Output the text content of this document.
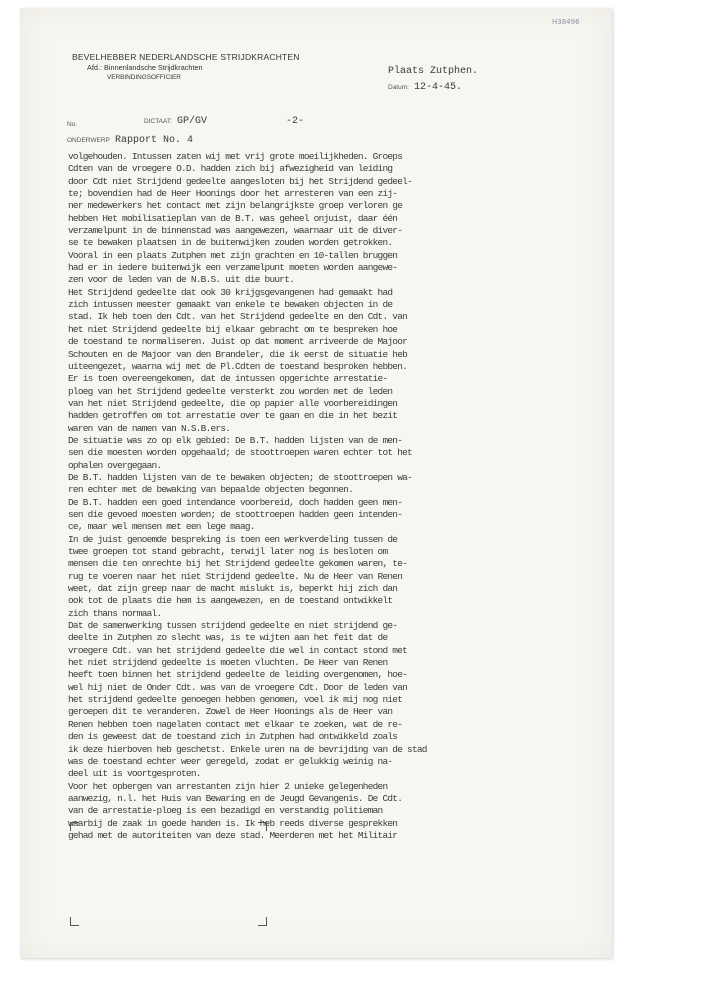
H38496
BEVELHEBBER NEDERLANDSCHE STRIJDKRACHTEN
Afd.: Binnenlandsche Strijdkrachten
VERBINDINGSOFFICIER
Plaats Zutphen.
Datum: 12-4-45.
No.	DICTAAT: GP/GV	-2-
ONDERWERP Rapport No. 4
volgehouden. Intussen zaten wij met vrij grote moeilijkheden. Groeps
Cdten van de vroegere O.D. hadden zich bij afwezigheid van leiding
door Cdt niet Strijdend gedeelte aangesloten bij het Strijdend gedeel-
te; bovendien had de Heer Hoonings door het arresteren van een zij-
ner medewerkers het contact met zijn belangrijkste groep verloren ge
hebben Het mobilisatieplan van de B.T. was geheel onjuist, daar één
verzamelpunt in de binnenstad was aangewezen, waarnaar uit de diver-
se te bewaken plaatsen in de buitenwijken zouden worden getrokken.
Vooral in een plaats Zutphen met zijn grachten en 10-tallen bruggen
had er in iedere buitenwijk een verzamelpunt moeten worden aangewe-
zen voor de leden van de N.B.S. uit die buurt.
Het Strijdend gedeelte dat ook 30 krijgsgevangenen had gemaakt had
zich intussen meester gemaakt van enkele te bewaken objecten in de
stad. Ik heb toen den Cdt. van het Strijdend gedeelte en den Cdt. van
het niet Strijdend gedeelte bij elkaar gebracht om te bespreken hoe
de toestand te normaliseren. Juist op dat moment arriveerde de Majoor
Schouten en de Majoor van den Brandeler, die ik eerst de situatie heb
uiteengezet, waarna wij met de Pl.Cdten de toestand besproken hebben.
Er is toen overeengekomen, dat de intussen opgerichte arrestatie-
ploeg van het Strijdend gedeelte versterkt zou worden met de leden
van het niet Strijdend gedeelte, die op papier alle voorbereidingen
hadden getroffen om tot arrestatie over te gaan en die in het bezit
waren van de namen van N.S.B.ers.
De situatie was zo op elk gebied: De B.T. hadden lijsten van de men-
sen die moesten worden opgehaald; de stoottroepen waren echter tot het
ophalen overgegaan.
De B.T. hadden lijsten van de te bewaken objecten; de stoottroepen wa-
ren echter met de bewaking van bepaalde objecten begonnen.
De B.T. hadden een goed intendance voorbereid, doch hadden geen men-
sen die gevoed moesten worden; de stoottroepen hadden geen intenden-
ce, maar wel mensen met een lege maag.
In de juist genoemde bespreking is toen een werkverdeling tussen de
twee groepen tot stand gebracht, terwijl later nog is besloten om
mensen die ten onrechte bij het Strijdend gedeelte gekomen waren, te-
rug te voeren naar het niet Strijdend gedeelte. Nu de Heer van Renen
weet, dat zijn greep naar de macht mislukt is, beperkt hij zich dan
ook tot de plaats die hem is aangewezen, en de toestand ontwikkelt
zich thans normaal.
Dat de samenwerking tussen strijdend gedeelte en niet strijdend ge-
deelte in Zutphen zo slecht was, is te wijten aan het feit dat de
vroegere Cdt. van het strijdend gedeelte die wel in contact stond met
het niet strijdend gedeelte is moeten vluchten. De Heer van Renen
heeft toen binnen het strijdend gedeelte de leiding overgenomen, hoe-
wel hij niet de Onder Cdt. was van de vroegere Cdt. Door de leden van
het strijdend gedeelte genoegen hebben genomen, voel ik mij nog niet
geroepen dit te veranderen. Zowel de Heer Hoonings als de Heer van
Renen hebben toen nagelaten contact met elkaar te zoeken, wat de re-
den is geweest dat de toestand zich in Zutphen had ontwikkeld zoals
ik deze hierboven heb geschetst. Enkele uren na de bevrijding van de stad
was de toestand echter weer geregeld, zodat er gelukkig weinig na-
deel uit is voortgesproten.
Voor het opbergen van arrestanten zijn hier 2 unieke gelegenheden
aanwezig, n.l. het Huis van Bewaring en de Jeugd Gevangenis. De Cdt.
van de arrestatie-ploeg is een bezadigd en verstandig politieman
waarbij de zaak in goede handen is. Ik heb reeds diverse gesprekken
gehad met de autoriteiten van deze stad. Meerderen met het Militair
